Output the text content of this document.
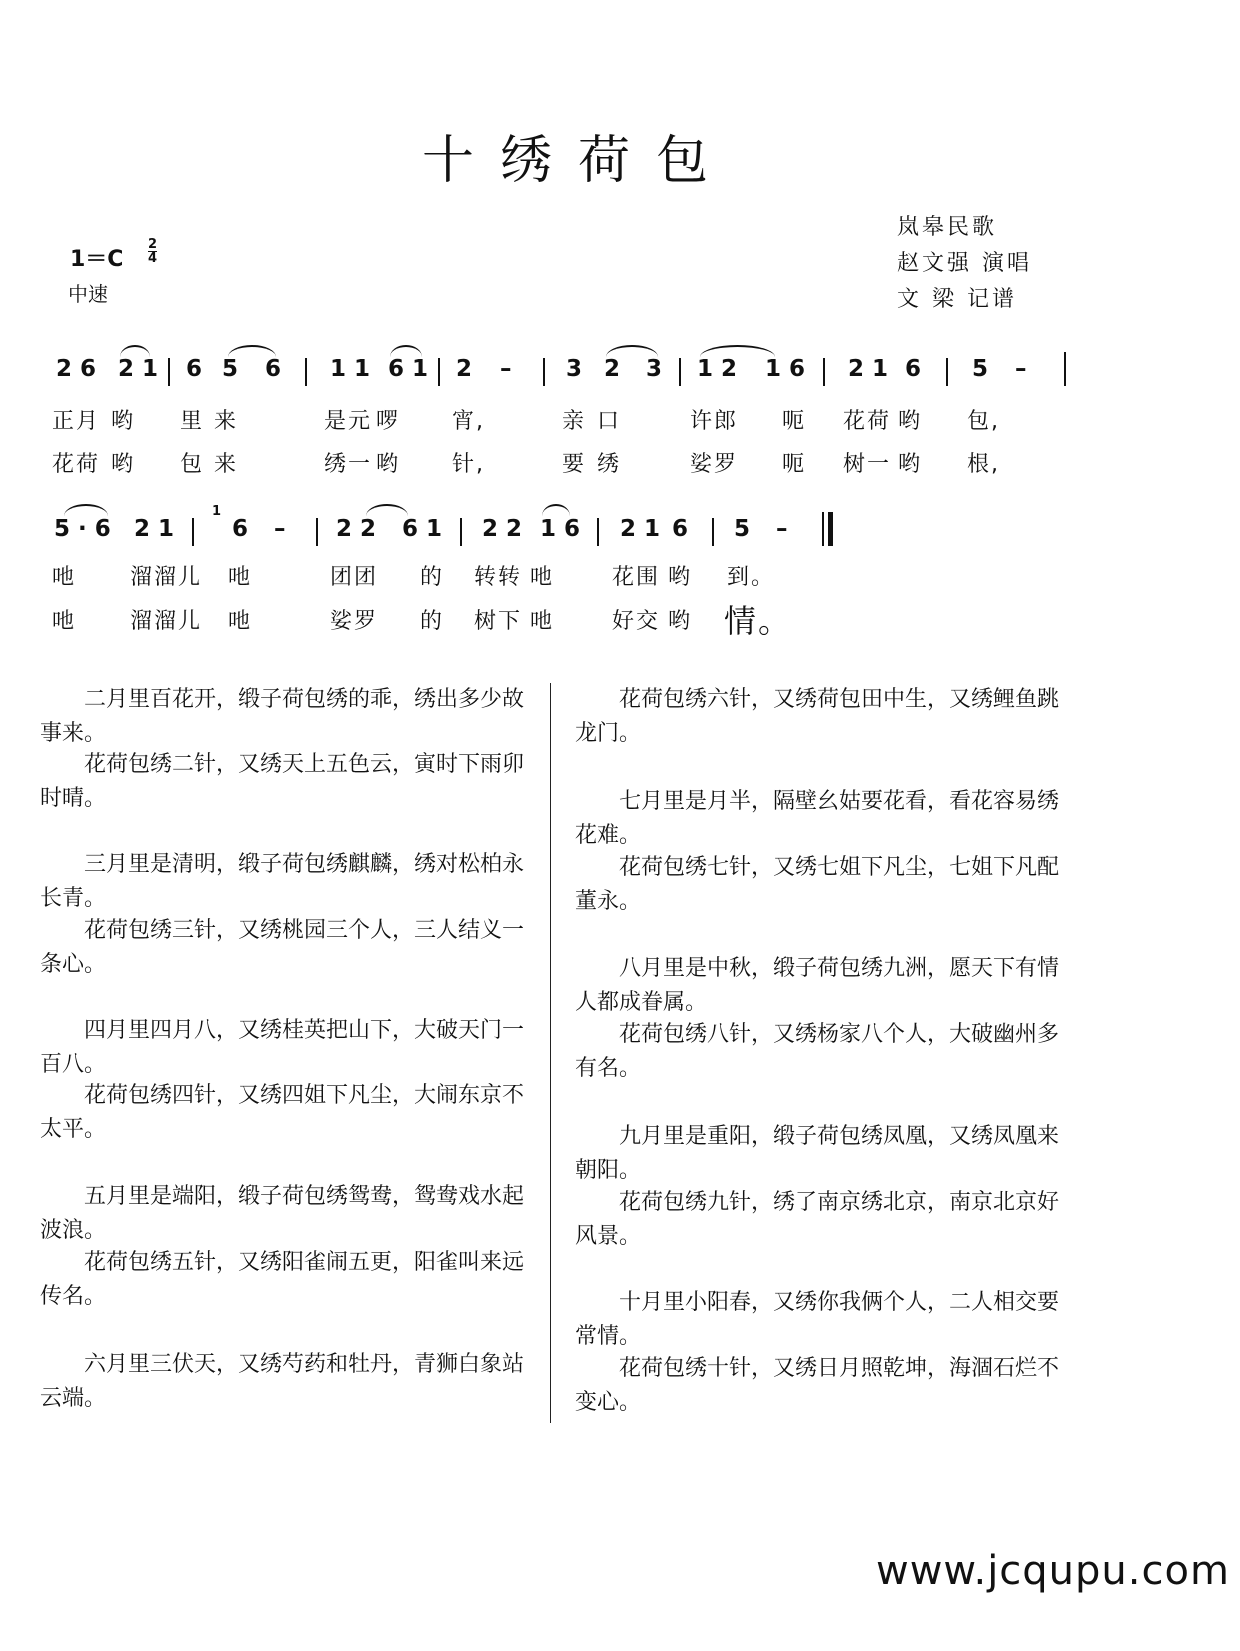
十绣荷包
岚皋民歌
赵文强 演唱
文 梁 记谱
$1=C \frac{2}{4}$
中速
2 6 2 1 6 5 6 1 1 6 1 2 – 3 2 3 1 2 1 6 2 1 6 5 –
正月 哟 里 来	是元 啰 宵,	亲 口	许郎 呃 花荷 哟 包,
花荷 哟 包 来	绣一 哟 针,	要 绣	娑罗 呃 树一 哟 根,
5 · 6 2 1
1
6 – 2 2 6 1 2 2 1 6 2 1 6 5 –
吔 溜溜儿 吔	团团 的 转转 吔	花围 哟 到。
吔 溜溜儿 吔	娑罗 的 树下 吔	好交 哟 情。
二月里百花开，缎子荷包绣的乖，绣出多少故事来。
花荷包绣二针，又绣天上五色云，寅时下雨卯时晴。
三月里是清明，缎子荷包绣麒麟，绣对松柏永长青。
花荷包绣三针，又绣桃园三个人，三人结义一条心。
四月里四月八，又绣桂英把山下，大破天门一百八。
花荷包绣四针，又绣四姐下凡尘，大闹东京不太平。
五月里是端阳，缎子荷包绣鸳鸯，鸳鸯戏水起波浪。
花荷包绣五针，又绣阳雀闹五更，阳雀叫来远传名。
六月里三伏天，又绣芍药和牡丹，青狮白象站云端。
花荷包绣六针，又绣荷包田中生，又绣鲤鱼跳龙门。
七月里是月半，隔壁幺姑要花看，看花容易绣花难。
花荷包绣七针，又绣七姐下凡尘，七姐下凡配董永。
八月里是中秋，缎子荷包绣九洲，愿天下有情人都成眷属。
花荷包绣八针，又绣杨家八个人，大破幽州多有名。
九月里是重阳，缎子荷包绣凤凰，又绣凤凰来朝阳。
花荷包绣九针，绣了南京绣北京，南京北京好风景。
十月里小阳春，又绣你我俩个人，二人相交要常情。
花荷包绣十针，又绣日月照乾坤，海涸石烂不变心。
www.jcqupu.com
